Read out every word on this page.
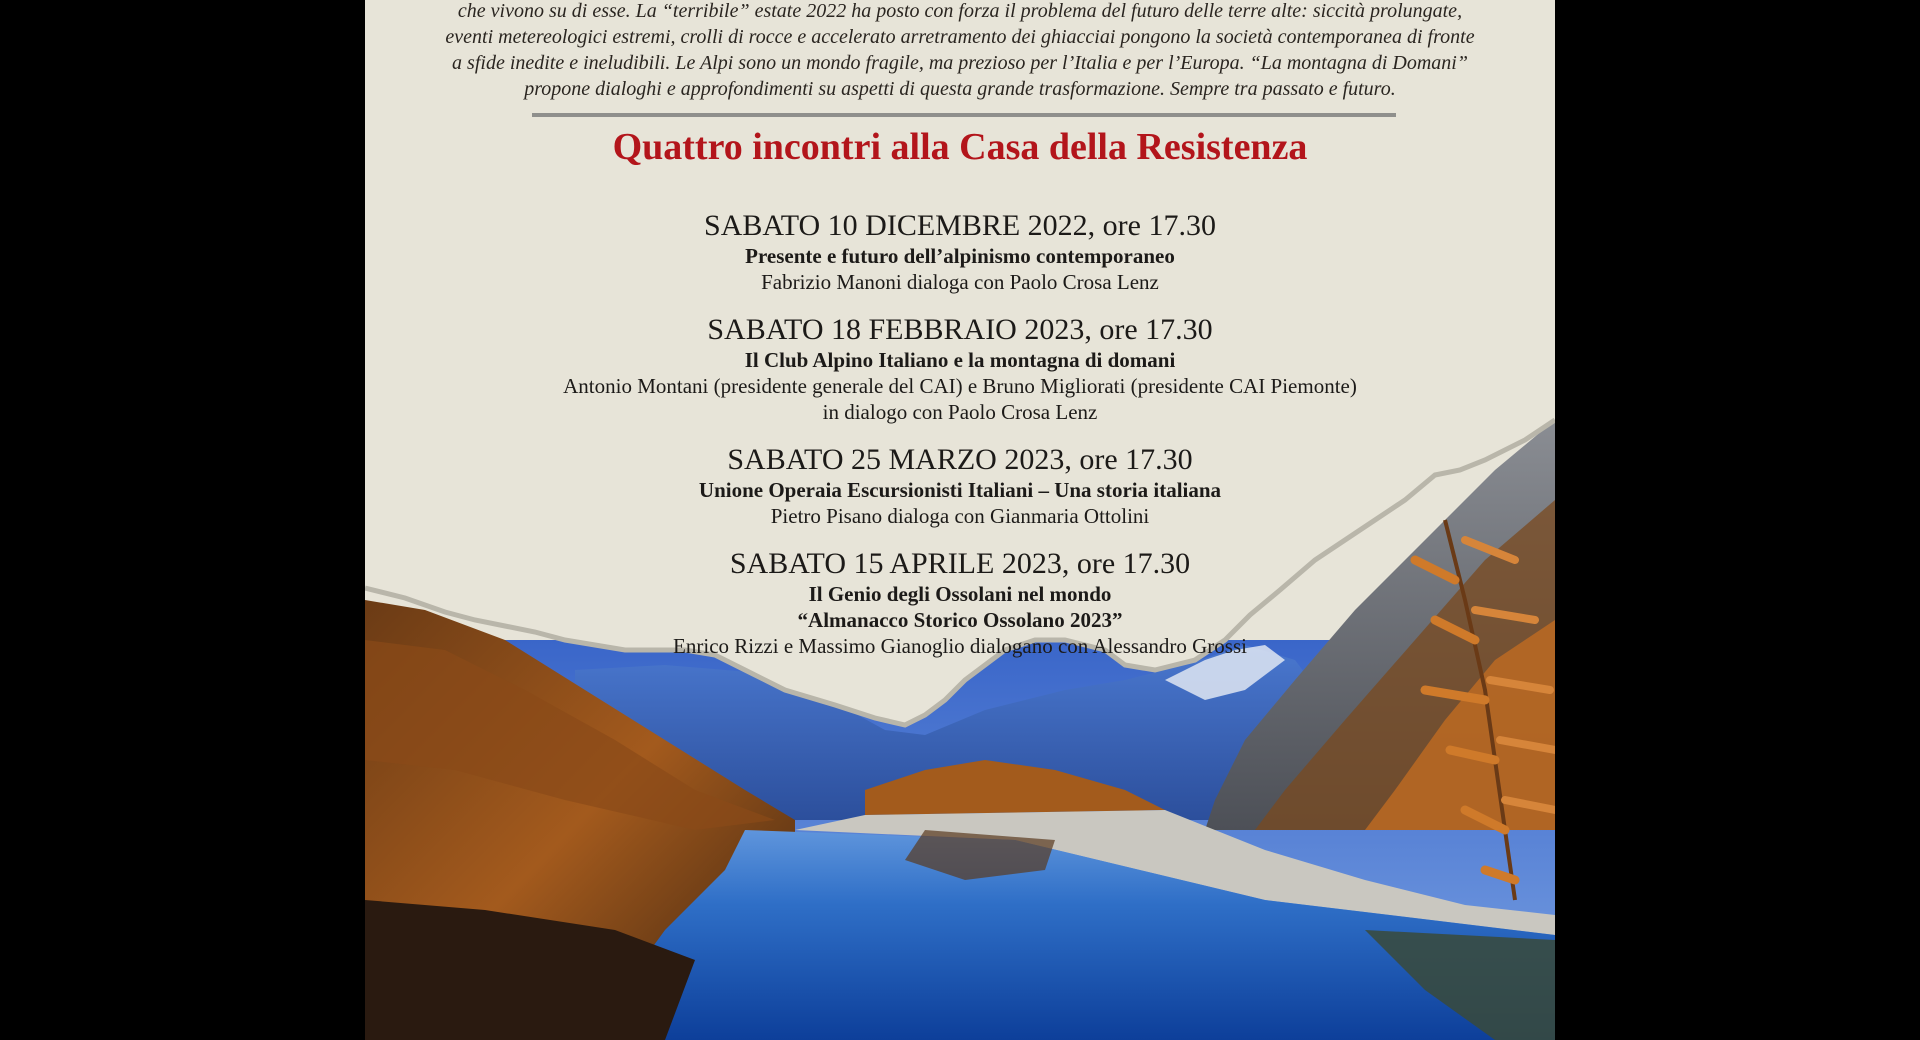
che vivono su di esse. La “terribile” estate 2022 ha posto con forza il problema del futuro delle terre alte: siccità prolungate, eventi metereologici estremi, crolli di rocce e accelerato arretramento dei ghiacciai pongono la società contemporanea di fronte a sfide inedite e ineludibili. Le Alpi sono un mondo fragile, ma prezioso per l’Italia e per l’Europa. “La montagna di Domani” propone dialoghi e approfondimenti su aspetti di questa grande trasformazione. Sempre tra passato e futuro.

Quattro incontri alla Casa della Resistenza
SABATO 10 DICEMBRE 2022, ore 17.30
Presente e futuro dell’alpinismo contemporaneo
Fabrizio Manoni dialoga con Paolo Crosa Lenz
SABATO 18 FEBBRAIO 2023, ore 17.30
Il Club Alpino Italiano e la montagna di domani
Antonio Montani (presidente generale del CAI) e Bruno Migliorati (presidente CAI Piemonte)
in dialogo con Paolo Crosa Lenz
SABATO 25 MARZO 2023, ore 17.30
Unione Operaia Escursionisti Italiani – Una storia italiana
Pietro Pisano dialoga con Gianmaria Ottolini
SABATO 15 APRILE 2023, ore 17.30
Il Genio degli Ossolani nel mondo
“Almanacco Storico Ossolano 2023”
Enrico Rizzi e Massimo Gianoglio dialogano con Alessandro Grossi
